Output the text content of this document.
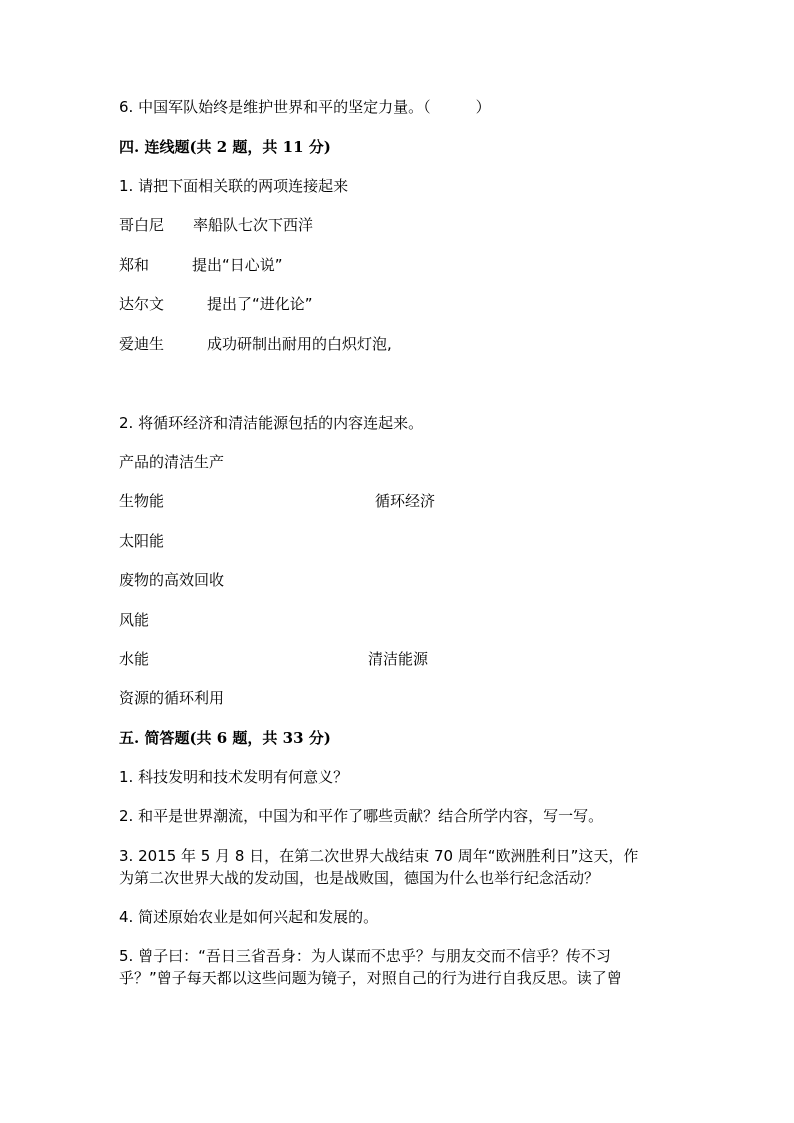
6. 中国军队始终是维护世界和平的坚定力量。（　　　）
四. 连线题(共 2 题，共 11 分)
1. 请把下面相关联的两项连接起来
哥白尼 率船队七次下西洋
郑和	提出“日心说”
达尔文	提出了“进化论”
爱迪生	成功研制出耐用的白炽灯泡,
2. 将循环经济和清洁能源包括的内容连起来。
产品的清洁生产
生物能	循环经济
太阳能
废物的高效回收
风能
水能	清洁能源
资源的循环利用
五. 简答题(共 6 题，共 33 分)
1. 科技发明和技术发明有何意义？
2. 和平是世界潮流，中国为和平作了哪些贡献？结合所学内容，写一写。
3. 2015 年 5 月 8 日，在第二次世界大战结束 70 周年“欧洲胜利日”这天，作
为第二次世界大战的发动国，也是战败国，德国为什么也举行纪念活动？
4. 简述原始农业是如何兴起和发展的。
5. 曾子曰：“吾日三省吾身：为人谋而不忠乎？与朋友交而不信乎？传不习
乎？”曾子每天都以这些问题为镜子，对照自己的行为进行自我反思。读了曾
